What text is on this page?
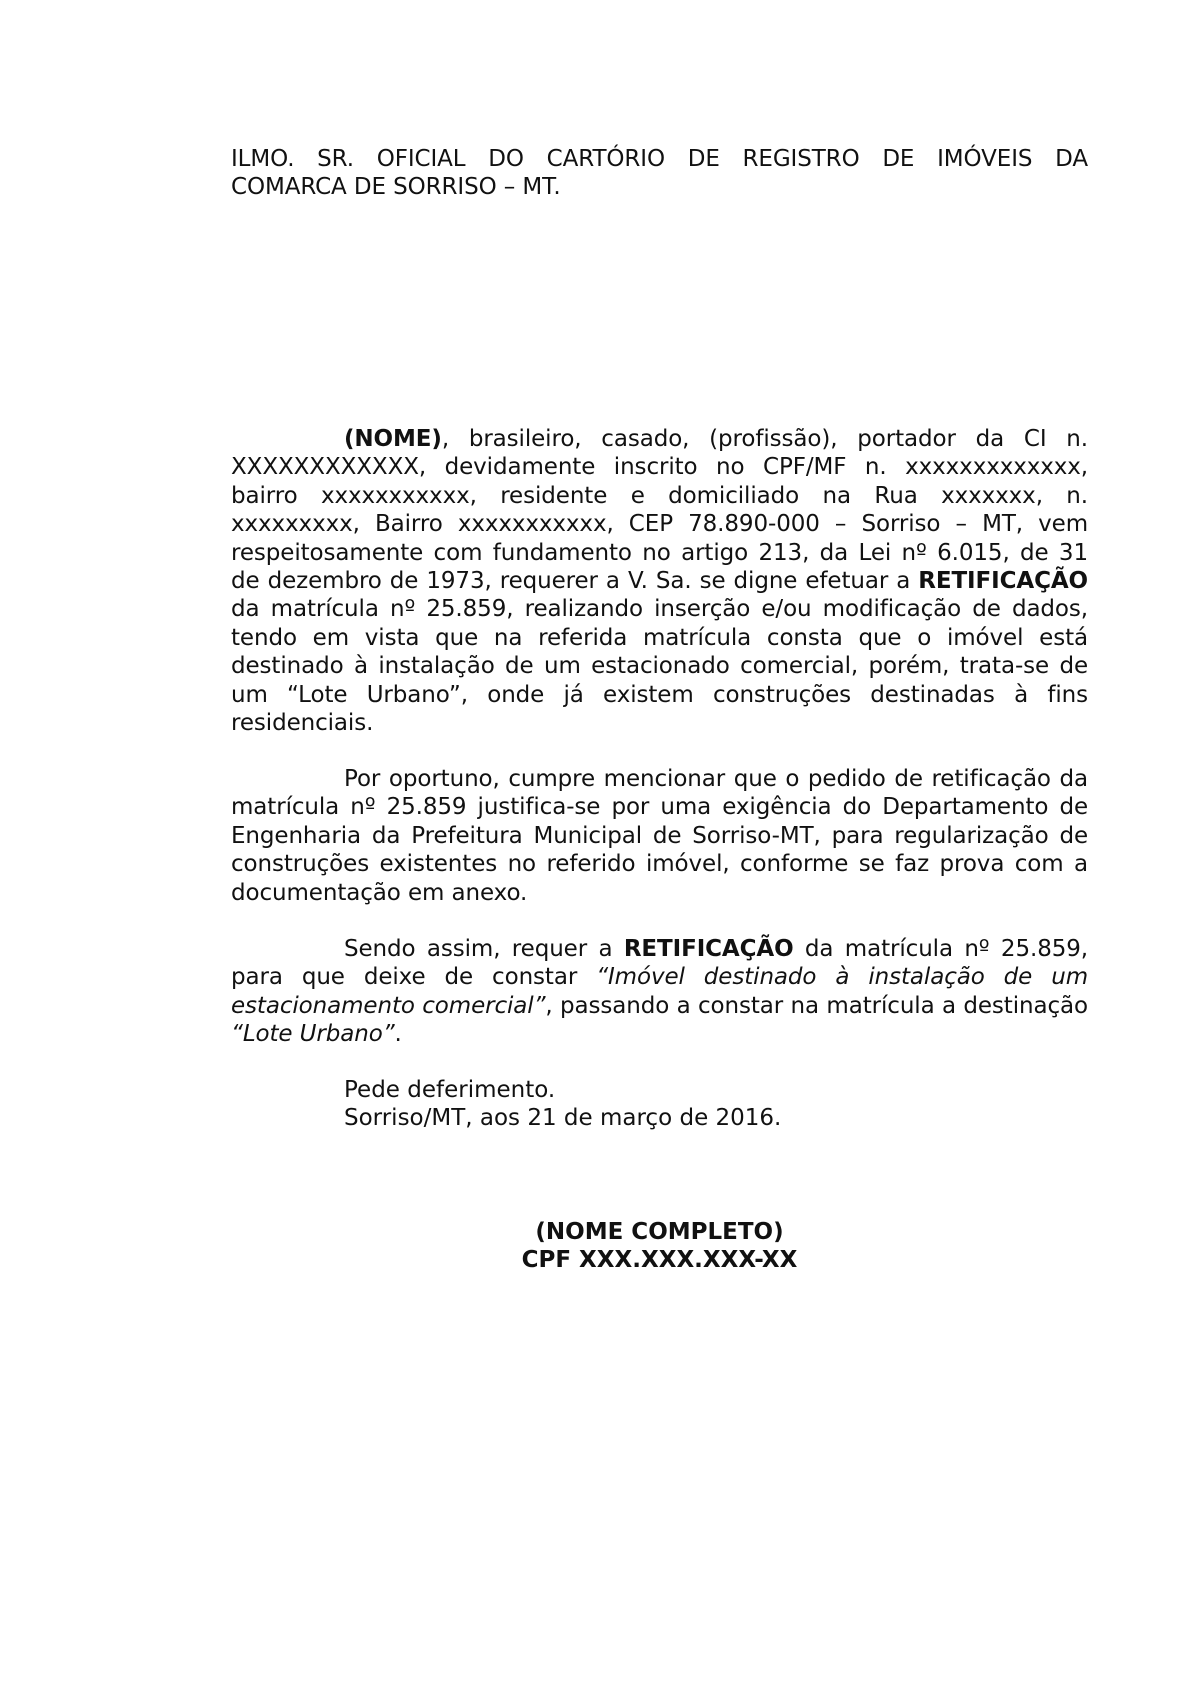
ILMO. SR. OFICIAL DO CARTÓRIO DE REGISTRO DE IMÓVEIS DA
COMARCA DE SORRISO – MT.
(NOME), brasileiro, casado, (profissão), portador da CI n. XXXXXXXXXXXX, devidamente inscrito no CPF/MF n. xxxxxxxxxxxxx, bairro xxxxxxxxxxx, residente e domiciliado na Rua xxxxxxx, n. xxxxxxxxx, Bairro xxxxxxxxxxx, CEP 78.890-000 – Sorriso – MT, vem respeitosamente com fundamento no artigo 213, da Lei nº 6.015, de 31 de dezembro de 1973, requerer a V. Sa. se digne efetuar a RETIFICAÇÃO da matrícula nº 25.859, realizando inserção e/ou modificação de dados, tendo em vista que na referida matrícula consta que o imóvel está destinado à instalação de um estacionado comercial, porém, trata-se de um “Lote Urbano”, onde já existem construções destinadas à fins residenciais.
Por oportuno, cumpre mencionar que o pedido de retificação da matrícula nº 25.859 justifica-se por uma exigência do Departamento de Engenharia da Prefeitura Municipal de Sorriso-MT, para regularização de construções existentes no referido imóvel, conforme se faz prova com a documentação em anexo.
Sendo assim, requer a RETIFICAÇÃO da matrícula nº 25.859, para que deixe de constar “Imóvel destinado à instalação de um estacionamento comercial”, passando a constar na matrícula a destinação “Lote Urbano”.
Pede deferimento.
Sorriso/MT, aos 21 de março de 2016.
(NOME COMPLETO)
CPF XXX.XXX.XXX-XX
